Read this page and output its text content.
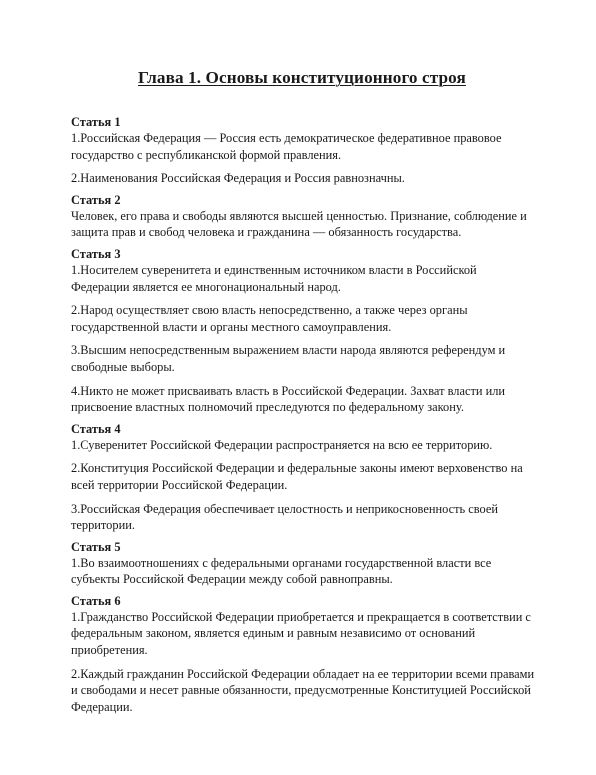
Глава 1. Основы конституционного строя
Статья 1

1.Российская Федерация — Россия есть демократическое федеративное правовое государство с республиканской формой правления.

2.Наименования Российская Федерация и Россия равнозначны.

Статья 2

Человек, его права и свободы являются высшей ценностью. Признание, соблюдение и защита прав и свобод человека и гражданина — обязанность государства.

Статья 3

1.Носителем суверенитета и единственным источником власти в Российской Федерации является ее многонациональный народ.

2.Народ осуществляет свою власть непосредственно, а также через органы государственной власти и органы местного самоуправления.

3.Высшим непосредственным выражением власти народа являются референдум и свободные выборы.

4.Никто не может присваивать власть в Российской Федерации. Захват власти или присвоение властных полномочий преследуются по федеральному закону.

Статья 4

1.Суверенитет Российской Федерации распространяется на всю ее территорию.

2.Конституция Российской Федерации и федеральные законы имеют верховенство на всей территории Российской Федерации.

3.Российская Федерация обеспечивает целостность и неприкосновенность своей территории.

Статья 5

1.Во взаимоотношениях с федеральными органами государственной власти все субъекты Российской Федерации между собой равноправны.

Статья 6

1.Гражданство Российской Федерации приобретается и прекращается в соответствии с федеральным законом, является единым и равным независимо от оснований приобретения.

2.Каждый гражданин Российской Федерации обладает на ее территории всеми правами и свободами и несет равные обязанности, предусмотренные Конституцией Российской Федерации.
